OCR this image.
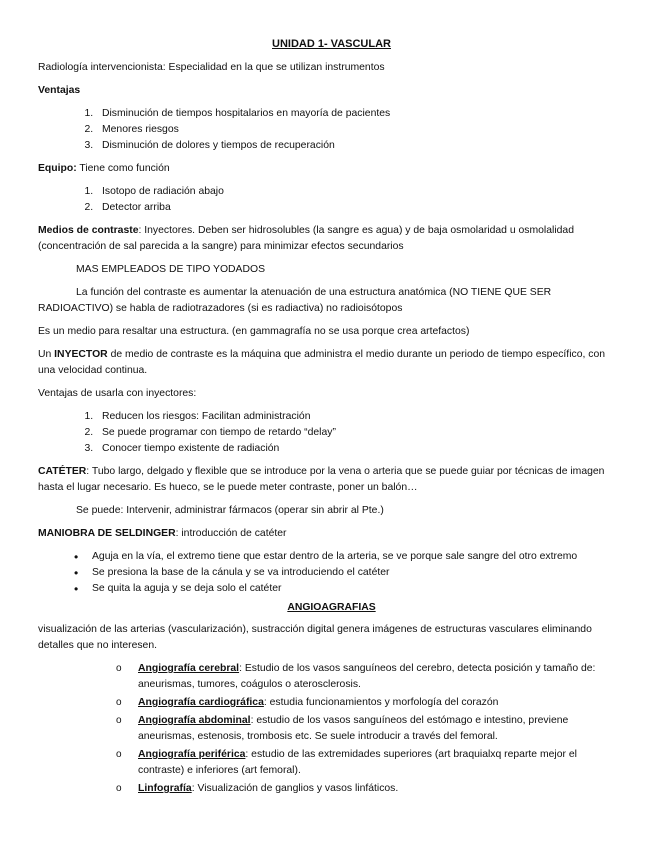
UNIDAD 1- VASCULAR

Radiología intervencionista: Especialidad en la que se utilizan instrumentos

Ventajas

1. Disminución de tiempos hospitalarios en mayoría de pacientes
2. Menores riesgos
3. Disminución de dolores y tiempos de recuperación

Equipo: Tiene como función

1. Isotopo de radiación abajo
2. Detector arriba

Medios de contraste: Inyectores. Deben ser hidrosolubles (la sangre es agua) y de baja osmolaridad u osmolalidad (concentración de sal parecida a la sangre) para minimizar efectos secundarios

MAS EMPLEADOS DE TIPO YODADOS

La función del contraste es aumentar la atenuación de una estructura anatómica (NO TIENE QUE SER RADIOACTIVO) se habla de radiotrazadores (si es radiactiva) no radioisótopos

Es un medio para resaltar una estructura. (en gammagrafía no se usa porque crea artefactos)

Un INYECTOR de medio de contraste es la máquina que administra el medio durante un periodo de tiempo específico, con una velocidad continua.

Ventajas de usarla con inyectores:

1. Reducen los riesgos: Facilitan administración
2. Se puede programar con tiempo de retardo “delay”
3. Conocer tiempo existente de radiación

CATÉTER: Tubo largo, delgado y flexible que se introduce por la vena o arteria que se puede guiar por técnicas de imagen hasta el lugar necesario. Es hueco, se le puede meter contraste, poner un balón…

Se puede: Intervenir, administrar fármacos (operar sin abrir al Pte.)

MANIOBRA DE SELDINGER: introducción de catéter

• Aguja en la vía, el extremo tiene que estar dentro de la arteria, se ve porque sale sangre del otro extremo
• Se presiona la base de la cánula y se va introduciendo el catéter
• Se quita la aguja y se deja solo el catéter
ANGIOAGRAFIAS

visualización de las arterias (vascularización), sustracción digital genera imágenes de estructuras vasculares eliminando detalles que no interesen.

o Angiografía cerebral: Estudio de los vasos sanguíneos del cerebro, detecta posición y tamaño de: aneurismas, tumores, coágulos o aterosclerosis.
o Angiografía cardiográfica: estudia funcionamientos y morfología del corazón
o Angiografía abdominal: estudio de los vasos sanguíneos del estómago e intestino, previene aneurismas, estenosis, trombosis etc. Se suele introducir a través del femoral.
o Angiografía periférica: estudio de las extremidades superiores (art braquialxq reparte mejor el contraste) e inferiores (art femoral).
o Linfografía: Visualización de ganglios y vasos linfáticos.
